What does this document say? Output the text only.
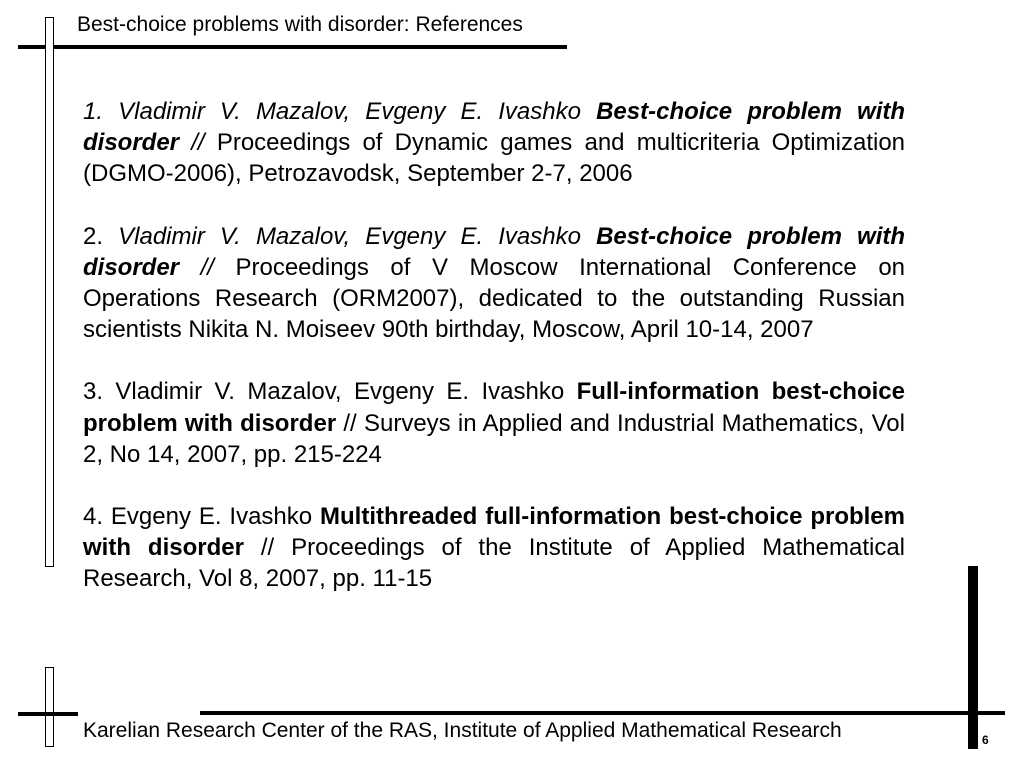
Best-choice problems with disorder: References
1. Vladimir V. Mazalov, Evgeny E. Ivashko Best-choice problem with disorder // Proceedings of Dynamic games and multicriteria Optimization (DGMO-2006), Petrozavodsk, September 2-7, 2006
2. Vladimir V. Mazalov, Evgeny E. Ivashko Best-choice problem with disorder // Proceedings of V Moscow International Conference on Operations Research (ORM2007), dedicated to the outstanding Russian scientists Nikita N. Moiseev 90th birthday, Moscow, April 10-14, 2007
3. Vladimir V. Mazalov, Evgeny E. Ivashko Full-information best-choice problem with disorder // Surveys in Applied and Industrial Mathematics, Vol 2, No 14, 2007, pp. 215-224
4. Evgeny E. Ivashko Multithreaded full-information best-choice problem with disorder // Proceedings of the Institute of Applied Mathematical Research, Vol 8, 2007, pp. 11-15
Karelian Research Center of the RAS, Institute of Applied Mathematical Research	6
